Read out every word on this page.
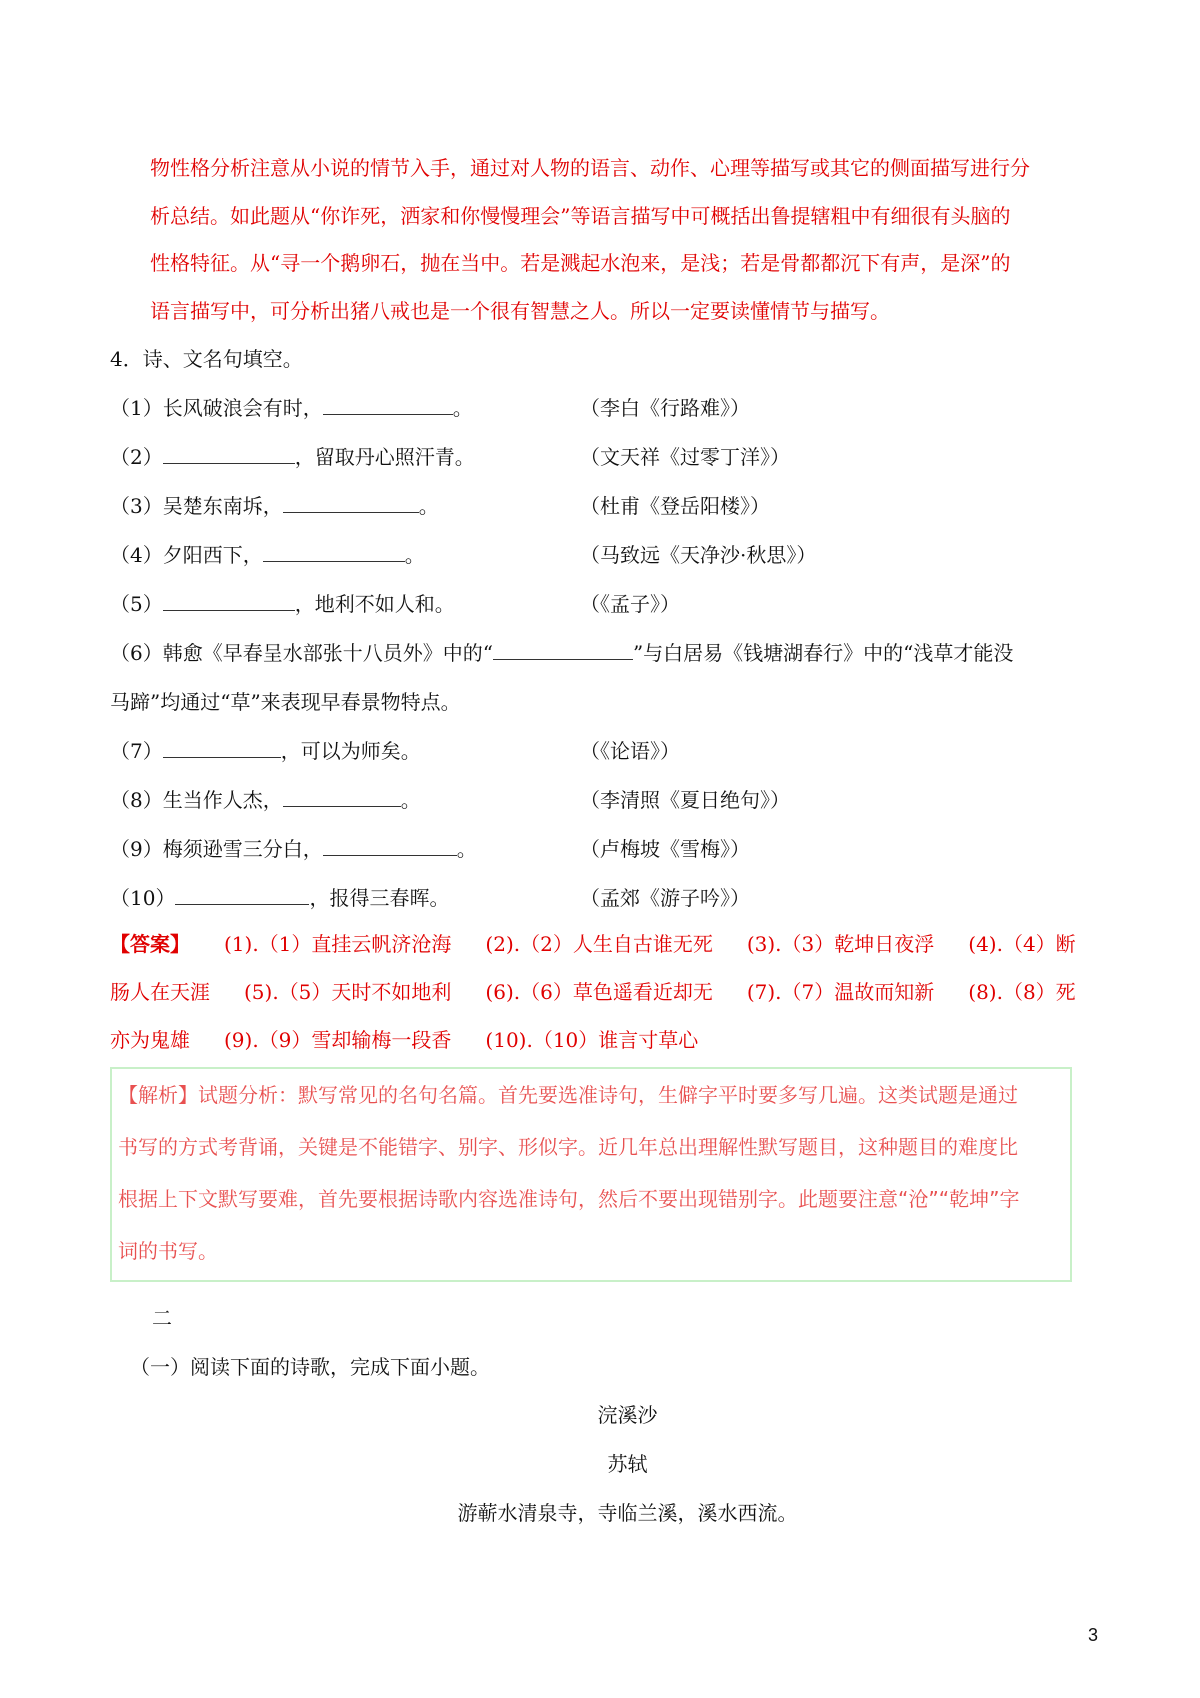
物性格分析注意从小说的情节入手，通过对人物的语言、动作、心理等描写或其它的侧面描写进行分
析总结。如此题从“你诈死，洒家和你慢慢理会”等语言描写中可概括出鲁提辖粗中有细很有头脑的
性格特征。从“寻一个鹅卵石，抛在当中。若是溅起水泡来，是浅；若是骨都都沉下有声，是深”的
语言描写中，可分析出猪八戒也是一个很有智慧之人。所以一定要读懂情节与描写。
4．诗、文名句填空。
（1）长风破浪会有时，	。	（李白《行路难》）
（2）	，留取丹心照汗青。	（文天祥《过零丁洋》）
（3）吴楚东南坼，	。	（杜甫《登岳阳楼》）
（4）夕阳西下，	。	（马致远《天净沙·秋思》）
（5）	，地利不如人和。	（《孟子》）
（6）韩愈《早春呈水部张十八员外》中的“	”与白居易《钱塘湖春行》中的“浅草才能没
马蹄”均通过“草”来表现早春景物特点。
（7）	，可以为师矣。	（《论语》）
（8）生当作人杰，	。	（李清照《夏日绝句》）
（9）梅须逊雪三分白，	。	（卢梅坡《雪梅》）
（10）	，报得三春晖。	（孟郊《游子吟》）
【答案】 (1).（1）直挂云帆济沧海 (2).（2）人生自古谁无死 (3).（3）乾坤日夜浮 (4).（4）断肠人在天涯 (5).（5）天时不如地利 (6).（6）草色遥看近却无 (7).（7）温故而知新 (8).（8）死亦为鬼雄 (9).（9）雪却输梅一段香 (10).（10）谁言寸草心
【解析】试题分析：默写常见的名句名篇。首先要选准诗句，生僻字平时要多写几遍。这类试题是通过
书写的方式考背诵，关键是不能错字、别字、形似字。近几年总出理解性默写题目，这种题目的难度比
根据上下文默写要难，首先要根据诗歌内容选准诗句，然后不要出现错别字。此题要注意“沧”“乾坤”字
词的书写。
二
（一）阅读下面的诗歌，完成下面小题。
浣溪沙
苏轼
游蕲水清泉寺，寺临兰溪，溪水西流。
3
